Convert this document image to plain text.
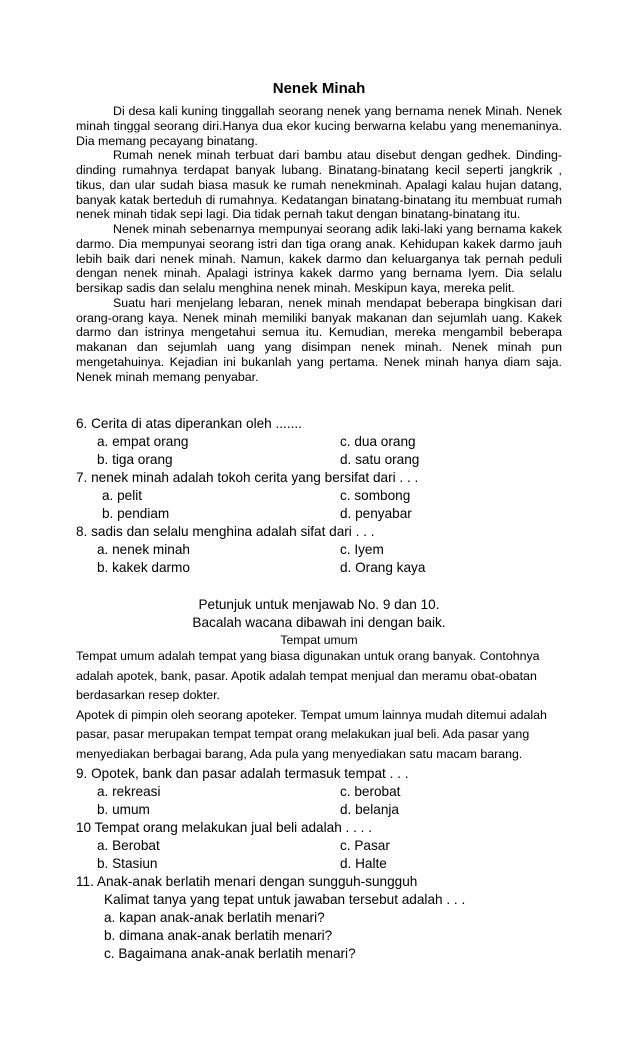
Nenek Minah

Di desa kali kuning tinggallah seorang nenek yang bernama nenek Minah. Nenek minah tinggal seorang diri.Hanya dua ekor kucing berwarna kelabu yang menemaninya. Dia memang pecayang binatang.

Rumah nenek minah terbuat dari bambu atau disebut dengan gedhek. Dinding-dinding rumahnya terdapat banyak lubang. Binatang-binatang kecil seperti jangkrik , tikus, dan ular sudah biasa masuk ke rumah nenekminah. Apalagi kalau hujan datang, banyak katak berteduh di rumahnya. Kedatangan binatang-binatang itu membuat rumah nenek minah tidak sepi lagi. Dia tidak pernah takut dengan binatang-binatang itu.

Nenek minah sebenarnya mempunyai seorang adik laki-laki yang bernama kakek darmo. Dia mempunyai seorang istri dan tiga orang anak. Kehidupan kakek darmo jauh lebih baik dari nenek minah. Namun, kakek darmo dan keluarganya tak pernah peduli dengan nenek minah. Apalagi istrinya kakek darmo yang bernama Iyem. Dia selalu bersikap sadis dan selalu menghina nenek minah. Meskipun kaya, mereka pelit.

Suatu hari menjelang lebaran, nenek minah mendapat beberapa bingkisan dari orang-orang kaya. Nenek minah memiliki banyak makanan dan sejumlah uang. Kakek darmo dan istrinya mengetahui semua itu. Kemudian, mereka mengambil beberapa makanan dan sejumlah uang yang disimpan nenek minah. Nenek minah pun mengetahuinya. Kejadian ini bukanlah yang pertama. Nenek minah hanya diam saja. Nenek minah memang penyabar.

6. Cerita di atas diperankan oleh .......
a. empat orang	c. dua orang
b. tiga orang	d. satu orang
7. nenek minah adalah tokoh cerita yang bersifat dari . . .
a. pelit	c. sombong
b. pendiam	d. penyabar
8. sadis dan selalu menghina adalah sifat dari . . .
a. nenek minah	c. Iyem
b. kakek darmo	d. Orang kaya
Petunjuk untuk menjawab No. 9 dan 10.
Bacalah wacana dibawah ini dengan baik.
Tempat umum

Tempat umum adalah tempat yang biasa digunakan untuk orang banyak. Contohnya adalah apotek, bank, pasar. Apotik adalah tempat menjual dan meramu obat-obatan berdasarkan resep dokter.

Apotek di pimpin oleh seorang apoteker. Tempat umum lainnya mudah ditemui adalah pasar, pasar merupakan tempat tempat orang melakukan jual beli. Ada pasar yang menyediakan berbagai barang, Ada pula yang menyediakan satu macam barang.

9. Opotek, bank dan pasar adalah termasuk tempat . . .
a. rekreasi	c. berobat
b. umum	d. belanja
10 Tempat orang melakukan jual beli adalah . . . .
a. Berobat	c. Pasar
b. Stasiun	d. Halte
11. Anak-anak berlatih menari dengan sungguh-sungguh
Kalimat tanya yang tepat untuk jawaban tersebut adalah . . .
a. kapan anak-anak berlatih menari?
b. dimana anak-anak berlatih menari?
c. Bagaimana anak-anak berlatih menari?
